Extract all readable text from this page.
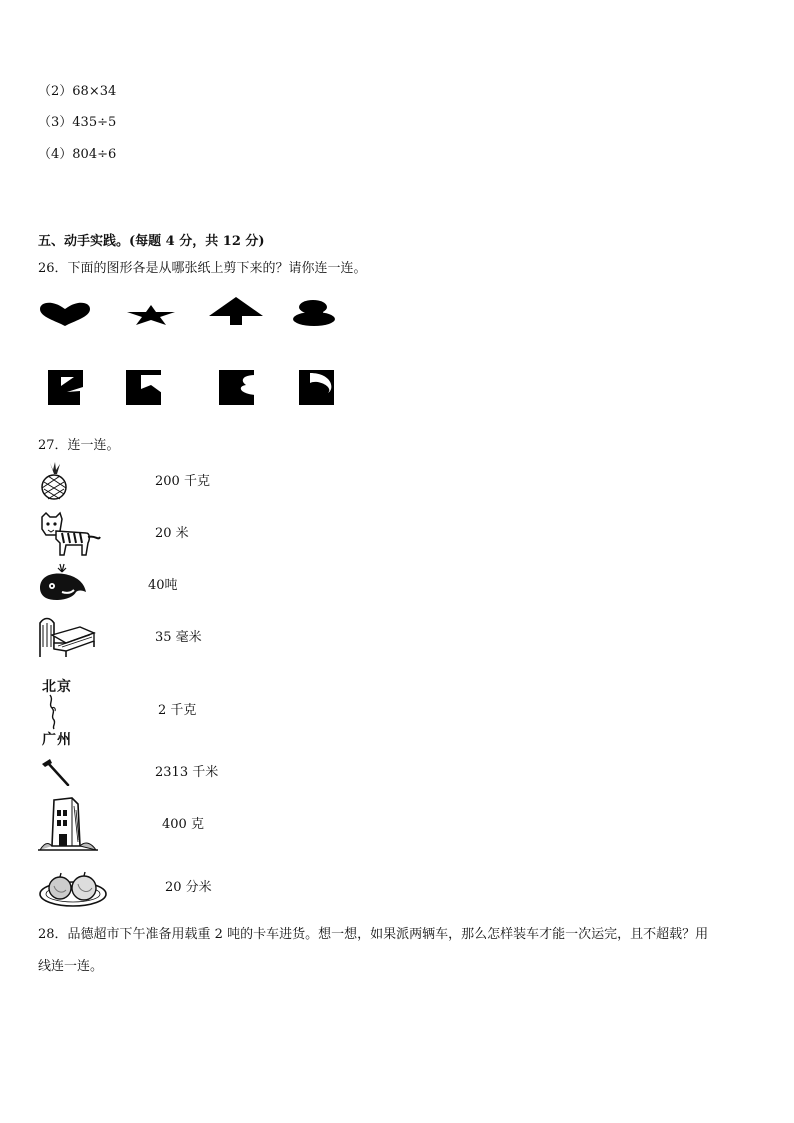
（2）68×34
（3）435÷5
（4）804÷6
五、动手实践。(每题 4 分，共 12 分)
26．下面的图形各是从哪张纸上剪下来的？请你连一连。
27．连一连。
200 千克
20 米
40吨
35 毫米
北京
广州
2 千克
2313 千米
400 克
20 分米
28．品德超市下午准备用载重 2 吨的卡车进货。想一想，如果派两辆车，那么怎样装车才能一次运完，且不超载？用
线连一连。
